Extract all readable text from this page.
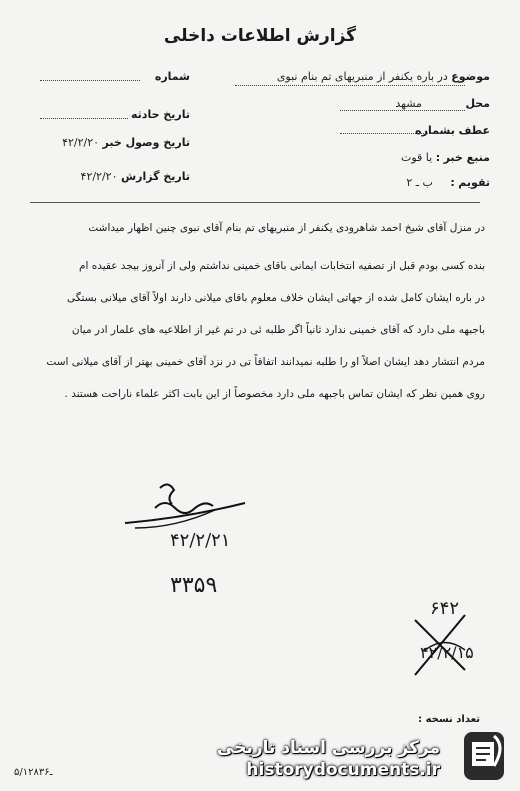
گزارش اطلاعات داخلی
موضوع در باره یکنفر از منبریهای تم بنام نبوی
محل مشهد
عطف بشماره
منبع خبر : یا قوت
تقویم : ب ـ ۲
شماره
تاریخ حادثه
تاریخ وصول خبر ۴۲/۲/۲۰
تاریخ گزارش ۴۲/۲/۲۰
در منزل آقای شیخ احمد شاهرودی یکنفر از منبریهای تم بنام آقای نبوی چنین اظهار میداشت
بنده کسی بودم قبل از تصفیه انتخابات ایمانی باقای خمینی نداشتم ولی از آنروز بیجد عقیده ام
در باره ایشان کامل شده از جهاتی ایشان خلاف معلوم باقای میلانی دارند اولاً آقای میلانی بستگی
باجبهه ملی دارد که آقای خمینی ندارد ثانیاً اگر طلبه ئی در تم غیر از اطلاعیه های علمار ادر میان
مردم انتشار دهد ایشان اصلاً او را طلبه نمیدانند اتفاقاً تی در نزد آقای خمینی بهتر از آقای میلانی است
روی همین نظر که ایشان تماس باجبهه ملی دارد مخصوصاً از این بابت اکثر علماء ناراحت هستند .
۴۲/۲/۲۱
۳۳۵۹
۶۴۲
۴۲/۲/۱۵
تعداد نسخه :
۵/۱۲۸ـ۳۶
مرکز بررسی اسناد تاریخی
historydocuments.ir
